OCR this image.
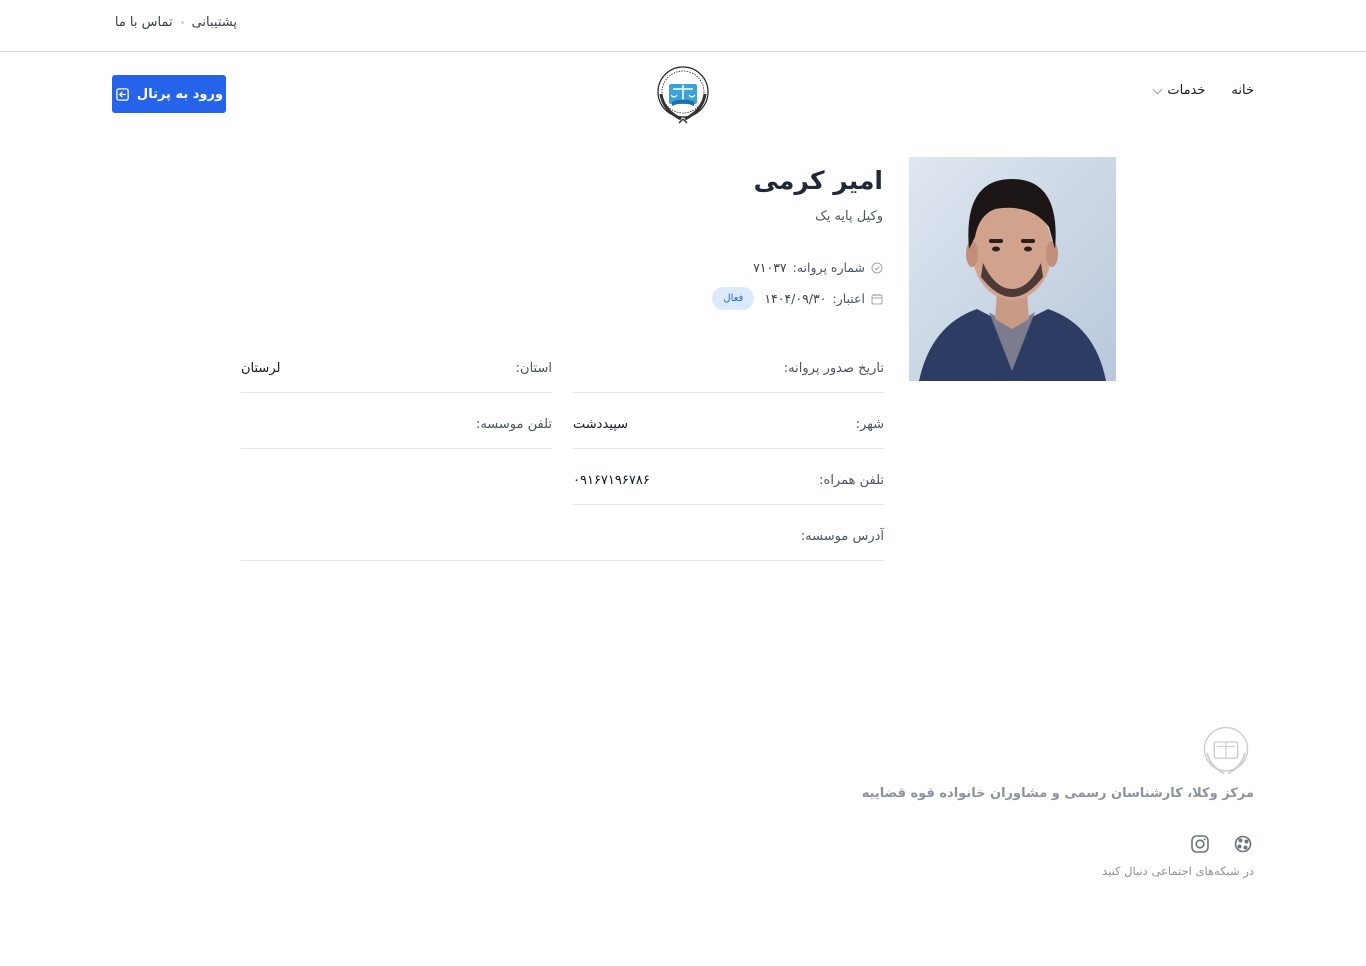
پشتیبانی
تماس با ما
خانه
خدمات
ورود به پرتال
امیر کرمی
وکیل پایه یک
شماره پروانه:
۷۱۰۳۷
اعتبار:
۱۴۰۴/۰۹/۳۰
فعال
تاریخ صدور پروانه:
استان:
لرستان
شهر:
سپیددشت
تلفن موسسه:
تلفن همراه:
۰۹۱۶۷۱۹۶۷۸۶
آدرس موسسه:
مرکز وکلا، کارشناسان رسمی و مشاوران خانواده قوه قضاییه
در شبکه‌های اجتماعی دنبال کنید
